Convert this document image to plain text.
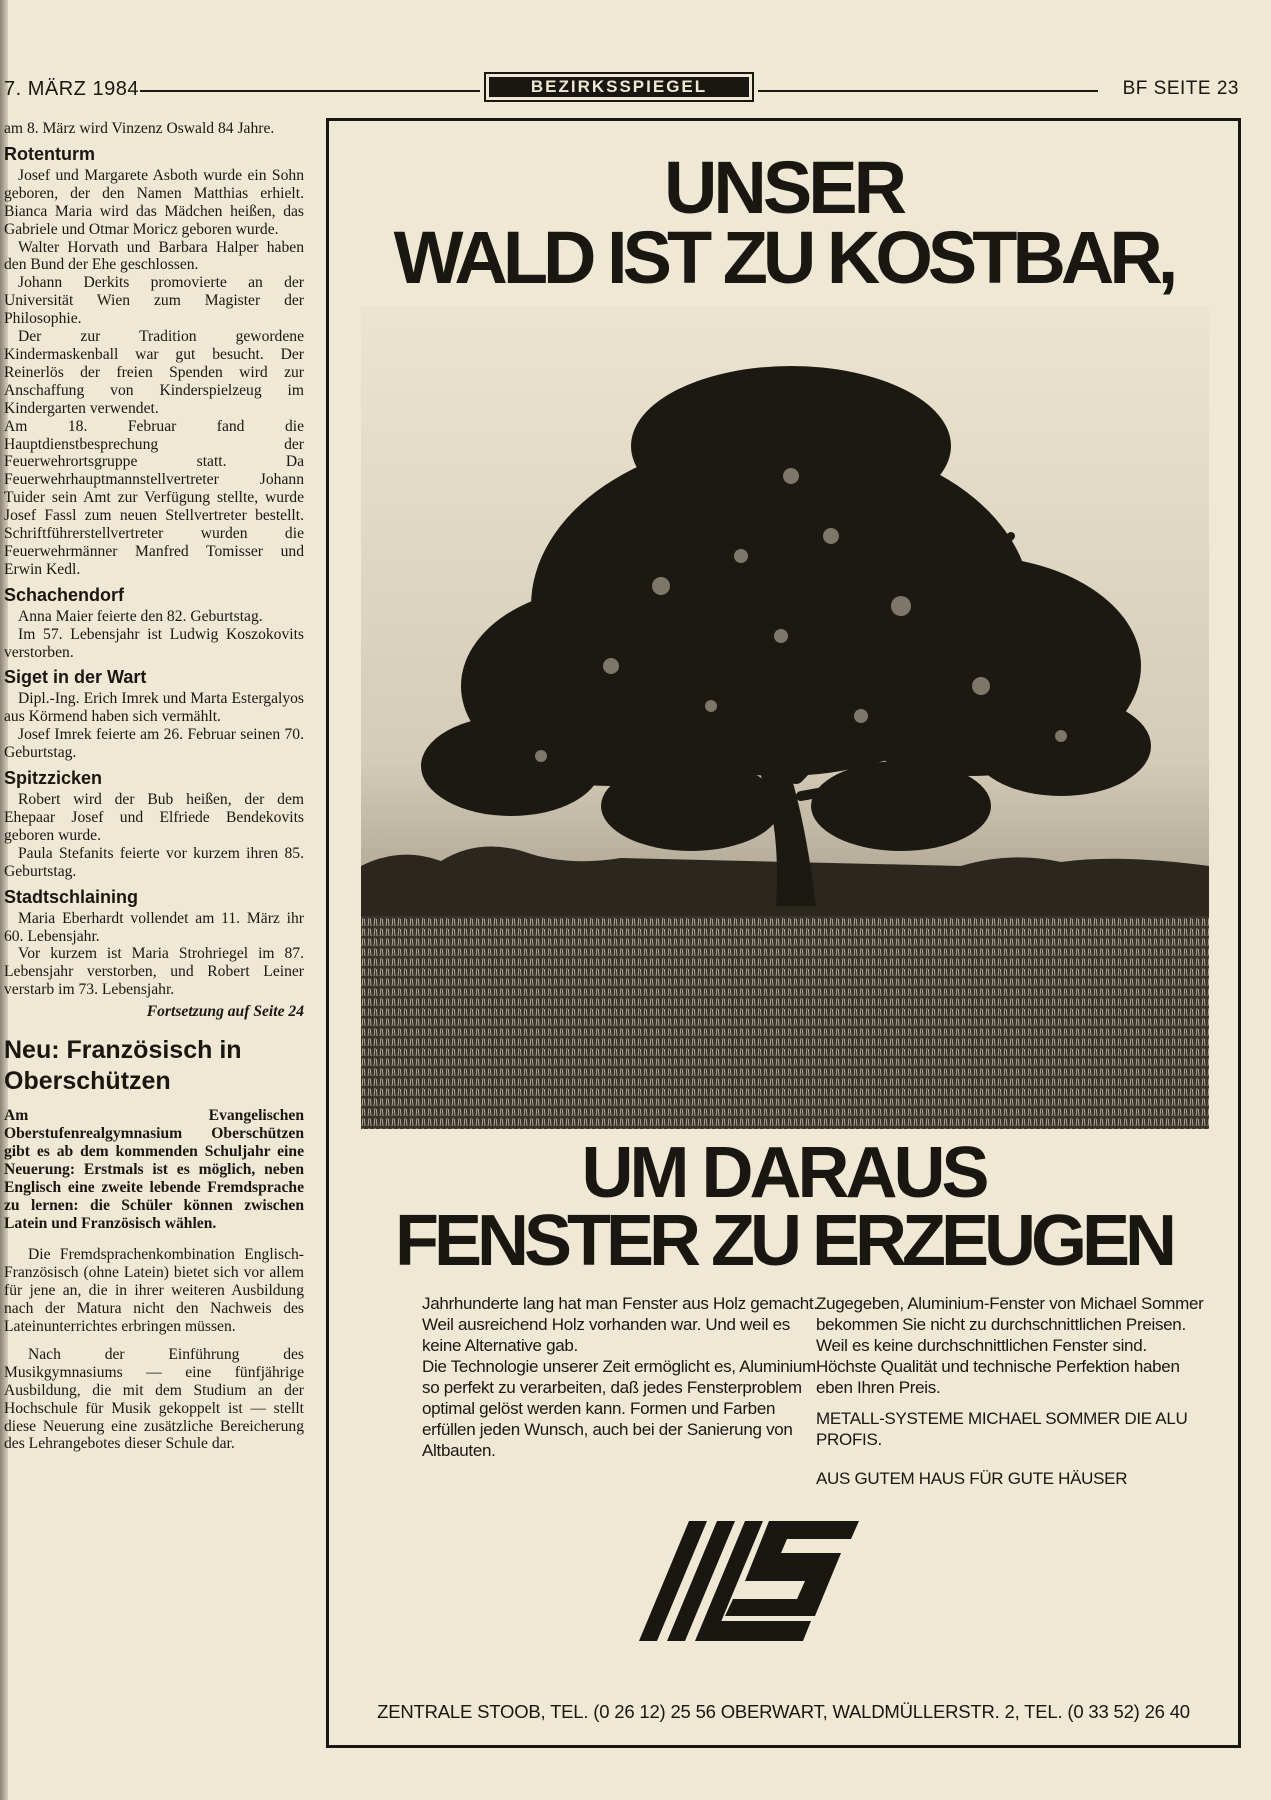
7. MÄRZ 1984	BEZIRKSSPIEGEL	BF SEITE 23

am 8. März wird Vinzenz Oswald 84 Jahre.

Rotenturm

Josef und Margarete Asboth wurde ein Sohn geboren, der den Namen Matthias erhielt. Bianca Maria wird das Mädchen heißen, das Gabriele und Otmar Moricz geboren wurde.

Walter Horvath und Barbara Halper haben den Bund der Ehe geschlossen.

Johann Derkits promovierte an der Universität Wien zum Magister der Philosophie.

Der zur Tradition gewordene Kindermaskenball war gut besucht. Der Reinerlös der freien Spenden wird zur Anschaffung von Kinderspielzeug im Kindergarten verwendet.

Am 18. Februar fand die Hauptdienstbesprechung der Feuerwehrortsgruppe statt. Da Feuerwehrhauptmannstellvertreter Johann Tuider sein Amt zur Verfügung stellte, wurde Josef Fassl zum neuen Stellvertreter bestellt. Schriftführerstellvertreter wurden die Feuerwehrmänner Manfred Tomisser und Erwin Kedl.

Schachendorf

Anna Maier feierte den 82. Geburtstag.

Im 57. Lebensjahr ist Ludwig Koszokovits verstorben.

Siget in der Wart

Dipl.-Ing. Erich Imrek und Marta Estergalyos aus Körmend haben sich vermählt.

Josef Imrek feierte am 26. Februar seinen 70. Geburtstag.

Spitzzicken

Robert wird der Bub heißen, der dem Ehepaar Josef und Elfriede Bendekovits geboren wurde.

Paula Stefanits feierte vor kurzem ihren 85. Geburtstag.

Stadtschlaining

Maria Eberhardt vollendet am 11. März ihr 60. Lebensjahr.

Vor kurzem ist Maria Strohriegel im 87. Lebensjahr verstorben, und Robert Leiner verstarb im 73. Lebensjahr.

Fortsetzung auf Seite 24

Neu: Französisch in Oberschützen

Am Evangelischen Oberstufenrealgymnasium Oberschützen gibt es ab dem kommenden Schuljahr eine Neuerung: Erstmals ist es möglich, neben Englisch eine zweite lebende Fremdsprache zu lernen: die Schüler können zwischen Latein und Französisch wählen.

Die Fremdsprachenkombination Englisch-Französisch (ohne Latein) bietet sich vor allem für jene an, die in ihrer weiteren Ausbildung nach der Matura nicht den Nachweis des Lateinunterrichtes erbringen müssen.

Nach der Einführung des Musikgymnasiums — eine fünfjährige Ausbildung, die mit dem Studium an der Hochschule für Musik gekoppelt ist — stellt diese Neuerung eine zusätzliche Bereicherung des Lehrangebotes dieser Schule dar.

UNSER
WALD IST ZU KOSTBAR,
UM DARAUS
FENSTER ZU ERZEUGEN

Jahrhunderte lang hat man Fenster aus Holz gemacht. Weil ausreichend Holz vorhanden war. Und weil es keine Alternative gab.

Die Technologie unserer Zeit ermöglicht es, Aluminium so perfekt zu verarbeiten, daß jedes Fensterproblem optimal gelöst werden kann. Formen und Farben erfüllen jeden Wunsch, auch bei der Sanierung von Altbauten.

Zugegeben, Aluminium-Fenster von Michael Sommer bekommen Sie nicht zu durchschnittlichen Preisen. Weil es keine durchschnittlichen Fenster sind. Höchste Qualität und technische Perfektion haben eben Ihren Preis.

METALL-SYSTEME MICHAEL SOMMER DIE ALU PROFIS.

AUS GUTEM HAUS FÜR GUTE HÄUSER

ZENTRALE STOOB, TEL. (0 26 12) 25 56 OBERWART, WALDMÜLLERSTR. 2, TEL. (0 33 52) 26 40
